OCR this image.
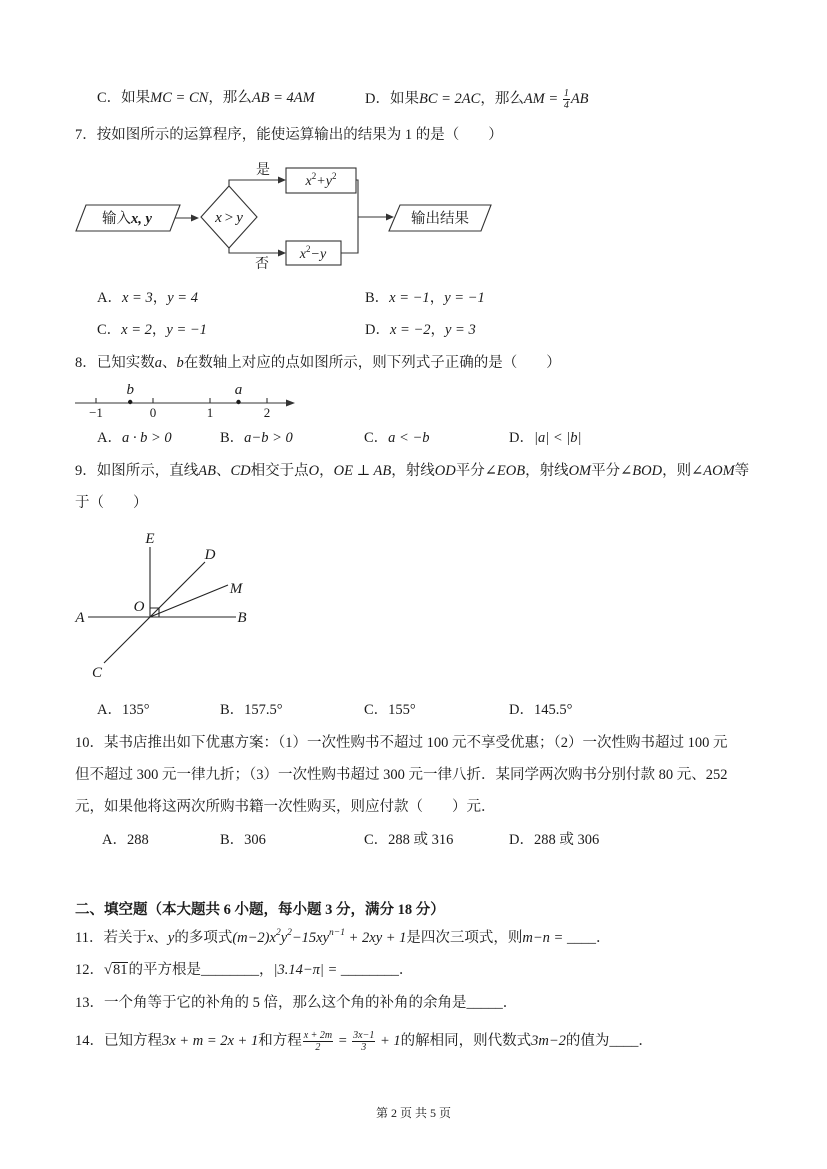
C．如果MC = CN，那么AB = 4AM	D．如果BC = 2AC，那么AM = $\frac{1}{4}$ AB
7．按如图所示的运算程序，能使运算输出的结果为 1 的是（　　）
输入x, y	x > y
是
否
$x^2+y^2$
$x^2-y$
输出结果
A．x = 3，y = 4	B．x = −1，y = −1
C．x = 2，y = −1	D．x = −2，y = 3
8．已知实数a、b在数轴上对应的点如图所示，则下列式子正确的是（　　）
−1	0	1	2
b	a
A．a · b > 0	B．a−b > 0	C．a < −b	D．|a| < |b|
9．如图所示，直线AB、CD相交于点O，OE ⊥ AB，射线OD平分∠EOB，射线OM平分∠BOD，则∠AOM等
于（　　）
E
D
M
O
A	B
C
A．135°	B．157.5°	C．155°	D．145.5°
10．某书店推出如下优惠方案：（1）一次性购书不超过 100 元不享受优惠；（2）一次性购书超过 100 元
但不超过 300 元一律九折；（3）一次性购书超过 300 元一律八折．某同学两次购书分别付款 80 元、252
元，如果他将这两次所购书籍一次性购买，则应付款（　　）元．
A．288	B．306	C．288 或 316	D．288 或 306
二、填空题（本大题共 6 小题，每小题 3 分，满分 18 分）
11．若关于x、y的多项式$(m-2)x^2y^2-15xy^{n-1} + 2xy + 1$是四次三项式，则m−n = ____．
12．√81的平方根是________，|3.14−π| = ________．
13．一个角等于它的补角的 5 倍，那么这个角的补角的余角是_____．
14．已知方程3x + m = 2x + 1和方程 $\frac{x + 2m}{2} = \frac{3x-1}{3} + 1$的解相同，则代数式3m−2的值为____．
第 2 页 共 5 页
